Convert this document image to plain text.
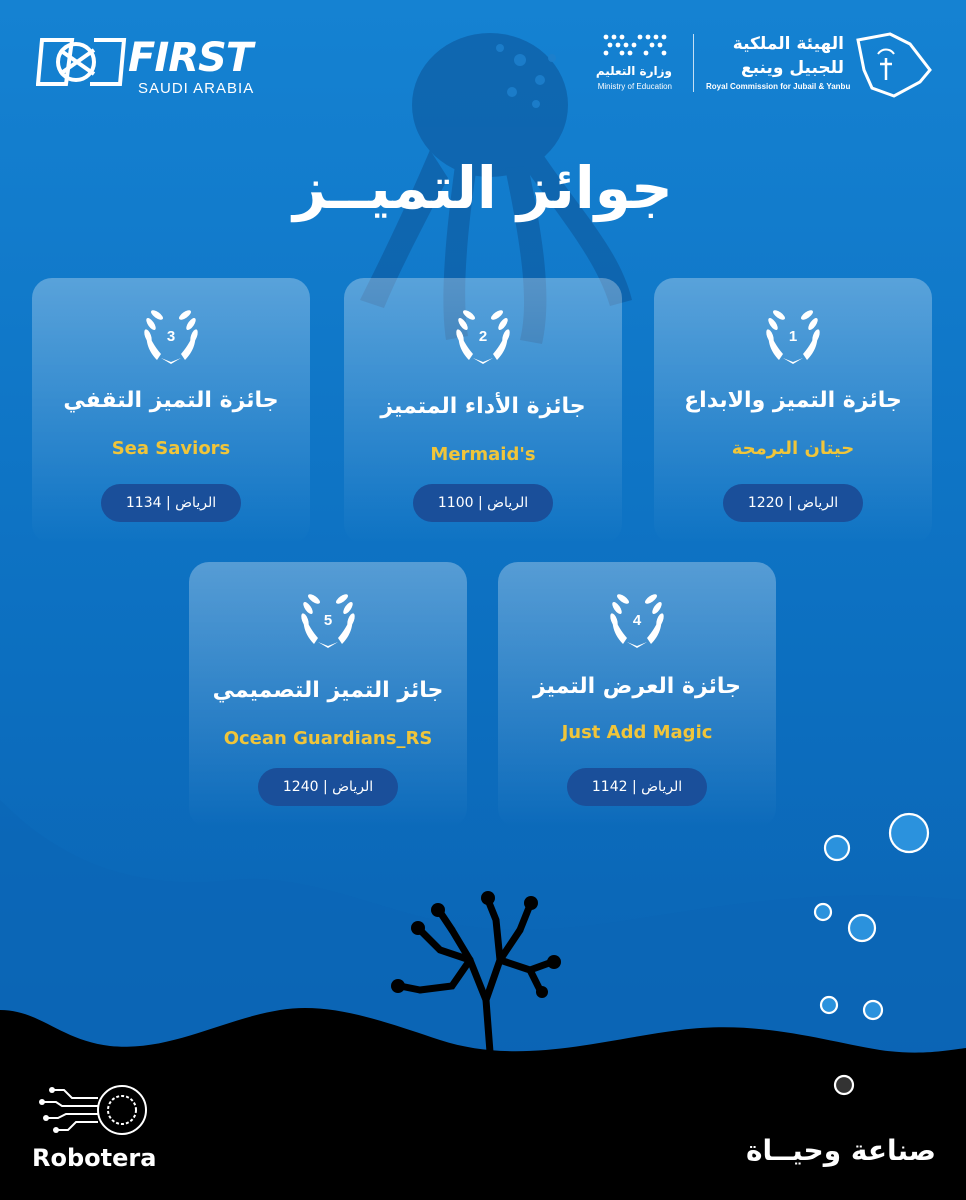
FIRST
SAUDI ARABIA
وزارة التعليم
Ministry of Education
الهيئة الملكية
للجبيل وينبع
Royal Commission for Jubail & Yanbu
جوائز التميــز
1
جائزة التميز والابداع
حيتان البرمجة
الرياض | 1220
2
جائزة الأداء المتميز
Mermaid's
الرياض | 1100
3
جائزة التميز التقفي
Sea Saviors
الرياض | 1134
4
جائزة العرض التميز
Just Add Magic
الرياض | 1142
5
جائز التميز التصميمي
Ocean Guardians_RS
الرياض | 1240
Robotera	صناعة وحيــاة
